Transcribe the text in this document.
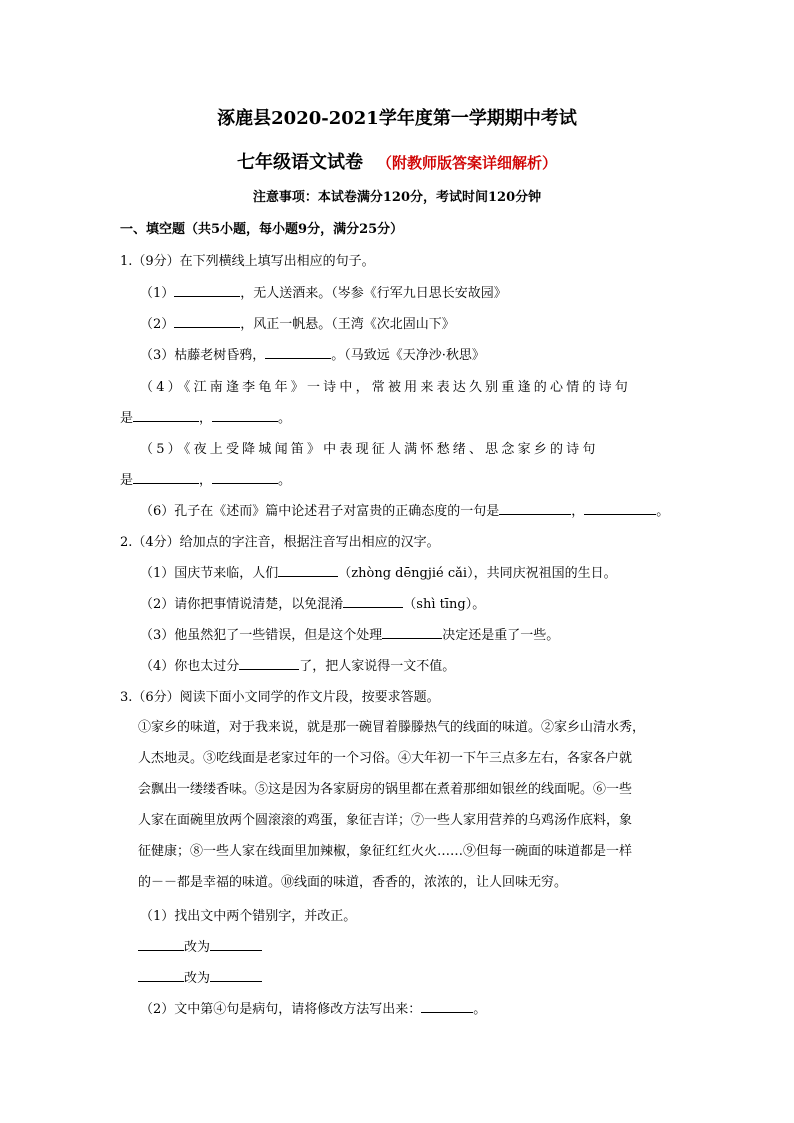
涿鹿县2020-2021学年度第一学期期中考试
七年级语文试卷 （附教师版答案详细解析）
注意事项：本试卷满分120分，考试时间120分钟
一、填空题（共5小题，每小题9分，满分25分）
1.（9分）在下列横线上填写出相应的句子。
（1）	，无人送酒来。（岑参《行军九日思长安故园》
（2）	，风正一帆悬。（王湾《次北固山下》
（3）枯藤老树昏鸦，	。（马致远《天净沙·秋思》
（4）《江南逢李龟年》一诗中，常被用来表达久别重逢的心情的诗句
是	，	。
（5）《夜上受降城闻笛》中表现征人满怀愁绪、思念家乡的诗句
是	，	。
（6）孔子在《述而》篇中论述君子对富贵的正确态度的一句是	，	。
2.（4分）给加点的字注音，根据注音写出相应的汉字。
（1）国庆节来临，人们	（zhòng dēngjié cǎi），共同庆祝祖国的生日。
（2）请你把事情说清楚，以免混淆	（shì tīng）。
（3）他虽然犯了一些错误，但是这个处理	决定还是重了一些。
（4）你也太过分	了，把人家说得一文不值。
3.（6分）阅读下面小文同学的作文片段，按要求答题。
①家乡的味道，对于我来说，就是那一碗冒着滕滕热气的线面的味道。②家乡山清水秀，
人杰地灵。③吃线面是老家过年的一个习俗。④大年初一下午三点多左右，各家各户就
会飘出一缕缕香味。⑤这是因为各家厨房的锅里都在煮着那细如银丝的线面呢。⑥一些
人家在面碗里放两个圆滚滚的鸡蛋，象征吉详；⑦一些人家用营养的乌鸡汤作底料，象
征健康；⑧一些人家在线面里加辣椒，象征红红火火……⑨但每一碗面的味道都是一样
的－－都是幸福的味道。⑩线面的味道，香香的，浓浓的，让人回味无穷。
（1）找出文中两个错别字，并改正。
改为
改为
（2）文中第④句是病句，请将修改方法写出来：	。
